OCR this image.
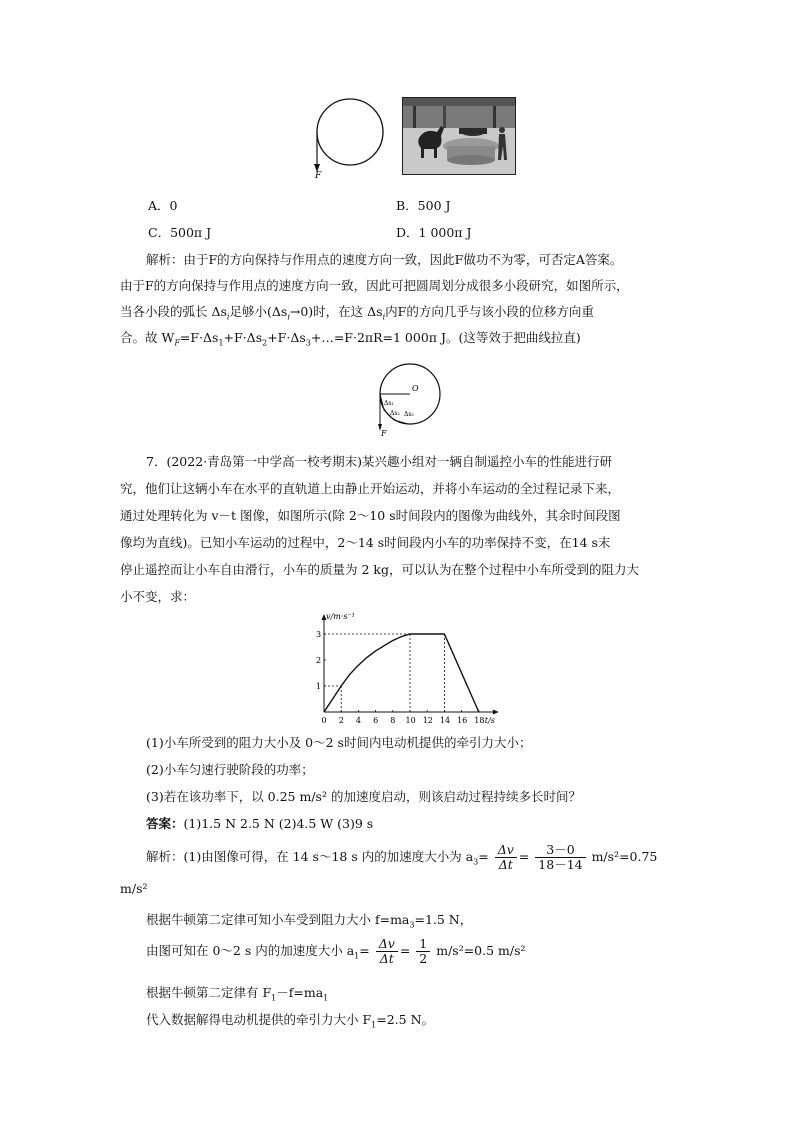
F
A．0	B．500 J
C．500π J	D．1 000π J
解析：由于F的方向保持与作用点的速度方向一致，因此F做功不为零，可否定A答案。
由于F的方向保持与作用点的速度方向一致，因此可把圆周划分成很多小段研究，如图所示，
当各小段的弧长 $\Delta s_i$足够小$(\Delta s_i\to 0)$时，在这 $\Delta s_i$内F的方向几乎与该小段的位移方向重
合。故 $W_F=F\cdot\Delta s_1+F\cdot\Delta s_2+F\cdot\Delta s_3+\dots=F\cdot 2\pi R=1$ 000π J。(这等效于把曲线拉直)
O
F
Δs₁
Δs₂ Δs₃
7．(2022·青岛第一中学高一校考期末)某兴趣小组对一辆自制遥控小车的性能进行研
究，他们让这辆小车在水平的直轨道上由静止开始运动，并将小车运动的全过程记录下来，
通过处理转化为 v－t 图像，如图所示(除 2～10 s时间段内的图像为曲线外，其余时间段图
像均为直线)。已知小车运动的过程中，2～14 s时间段内小车的功率保持不变，在14 s末
停止遥控而让小车自由滑行，小车的质量为 2 kg，可以认为在整个过程中小车所受到的阻力大
小不变，求：
0 2 4 6 8 10 12 14 16 18
1
2
3
v/m·s⁻¹
t/s
(1)小车所受到的阻力大小及 0～2 s时间内电动机提供的牵引力大小；
(2)小车匀速行驶阶段的功率；
(3)若在该功率下，以 0.25 m/s² 的加速度启动，则该启动过程持续多长时间？
答案：(1)1.5 N 2.5 N (2)4.5 W (3)9 s
解析：(1)由图像可得，在 14 s～18 s 内的加速度大小为 $a_3= \frac{\Delta v}{\Delta t} = \frac{3-0}{18-14} m/s^2=0.75$
m/s²
根据牛顿第二定律可知小车受到阻力大小 $f=ma_3=1.5$ N，
由图可知在 0～2 s 内的加速度大小 $a_1= \frac{\Delta v}{\Delta t} = \frac{1}{2} m/s^2=0.5$ m/s²
根据牛顿第二定律有 $F_1-f=ma_1$
代入数据解得电动机提供的牵引力大小 $F_1=2.5$ N。
